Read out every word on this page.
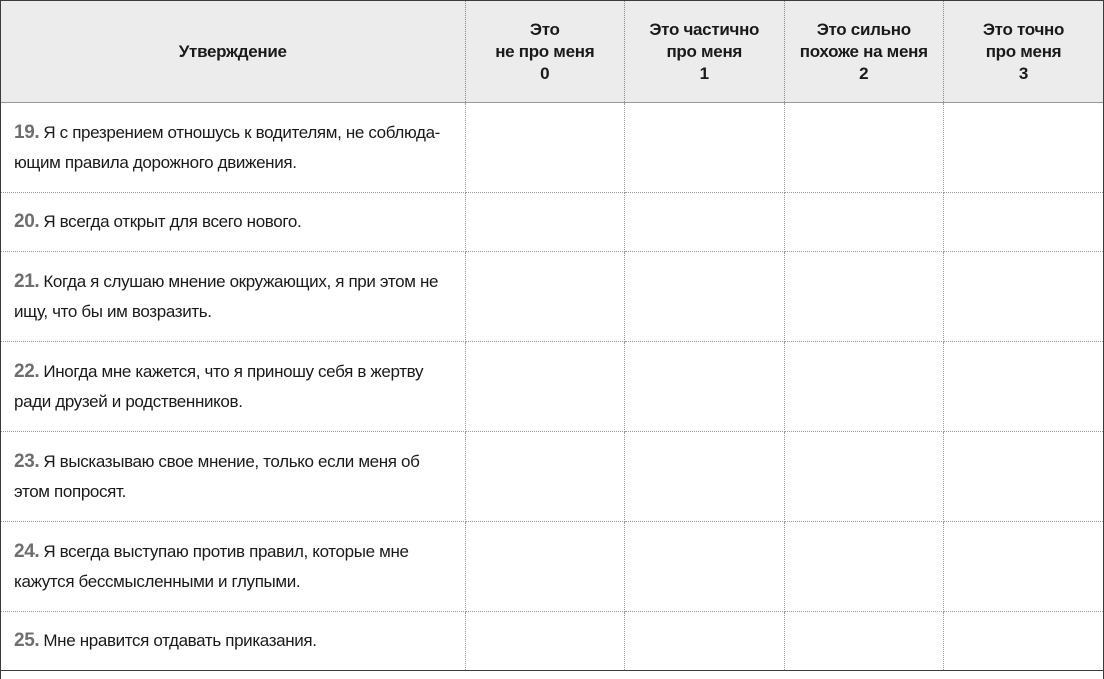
Утверждение	Это
не про меня
0	Это частично
про меня
1	Это сильно
похоже на меня
2	Это точно
про меня
3

19. Я с презрением отношусь к водителям, не соблюда-
ющим правила дорожного движения.				

20. Я всегда открыт для всего нового.				

21. Когда я слушаю мнение окружающих, я при этом не
ищу, что бы им возразить.				

22. Иногда мне кажется, что я приношу себя в жертву
ради друзей и родственников.				

23. Я высказываю свое мнение, только если меня об
этом попросят.				

24. Я всегда выступаю против правил, которые мне
кажутся бессмысленными и глупыми.				

25. Мне нравится отдавать приказания.				
